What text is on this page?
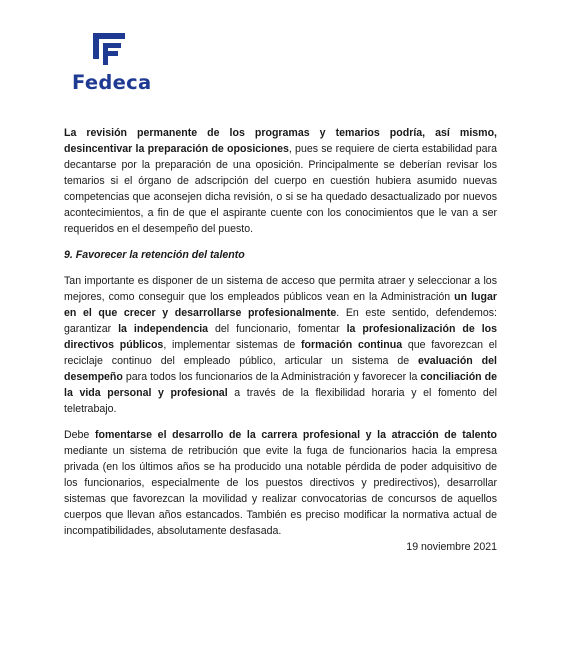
Fedeca

La revisión permanente de los programas y temarios podría, así mismo, desincentivar la preparación de oposiciones, pues se requiere de cierta estabilidad para decantarse por la preparación de una oposición. Principalmente se deberían revisar los temarios si el órgano de adscripción del cuerpo en cuestión hubiera asumido nuevas competencias que aconsejen dicha revisión, o si se ha quedado desactualizado por nuevos acontecimientos, a fin de que el aspirante cuente con los conocimientos que le van a ser requeridos en el desempeño del puesto.

9. Favorecer la retención del talento

Tan importante es disponer de un sistema de acceso que permita atraer y seleccionar a los mejores, como conseguir que los empleados públicos vean en la Administración un lugar en el que crecer y desarrollarse profesionalmente. En este sentido, defendemos: garantizar la independencia del funcionario, fomentar la profesionalización de los directivos públicos, implementar sistemas de formación continua que favorezcan el reciclaje continuo del empleado público, articular un sistema de evaluación del desempeño para todos los funcionarios de la Administración y favorecer la conciliación de la vida personal y profesional a través de la flexibilidad horaria y el fomento del teletrabajo.

Debe fomentarse el desarrollo de la carrera profesional y la atracción de talento mediante un sistema de retribución que evite la fuga de funcionarios hacia la empresa privada (en los últimos años se ha producido una notable pérdida de poder adquisitivo de los funcionarios, especialmente de los puestos directivos y predirectivos), desarrollar sistemas que favorezcan la movilidad y realizar convocatorias de concursos de aquellos cuerpos que llevan años estancados. También es preciso modificar la normativa actual de incompatibilidades, absolutamente desfasada.

19 noviembre 2021
